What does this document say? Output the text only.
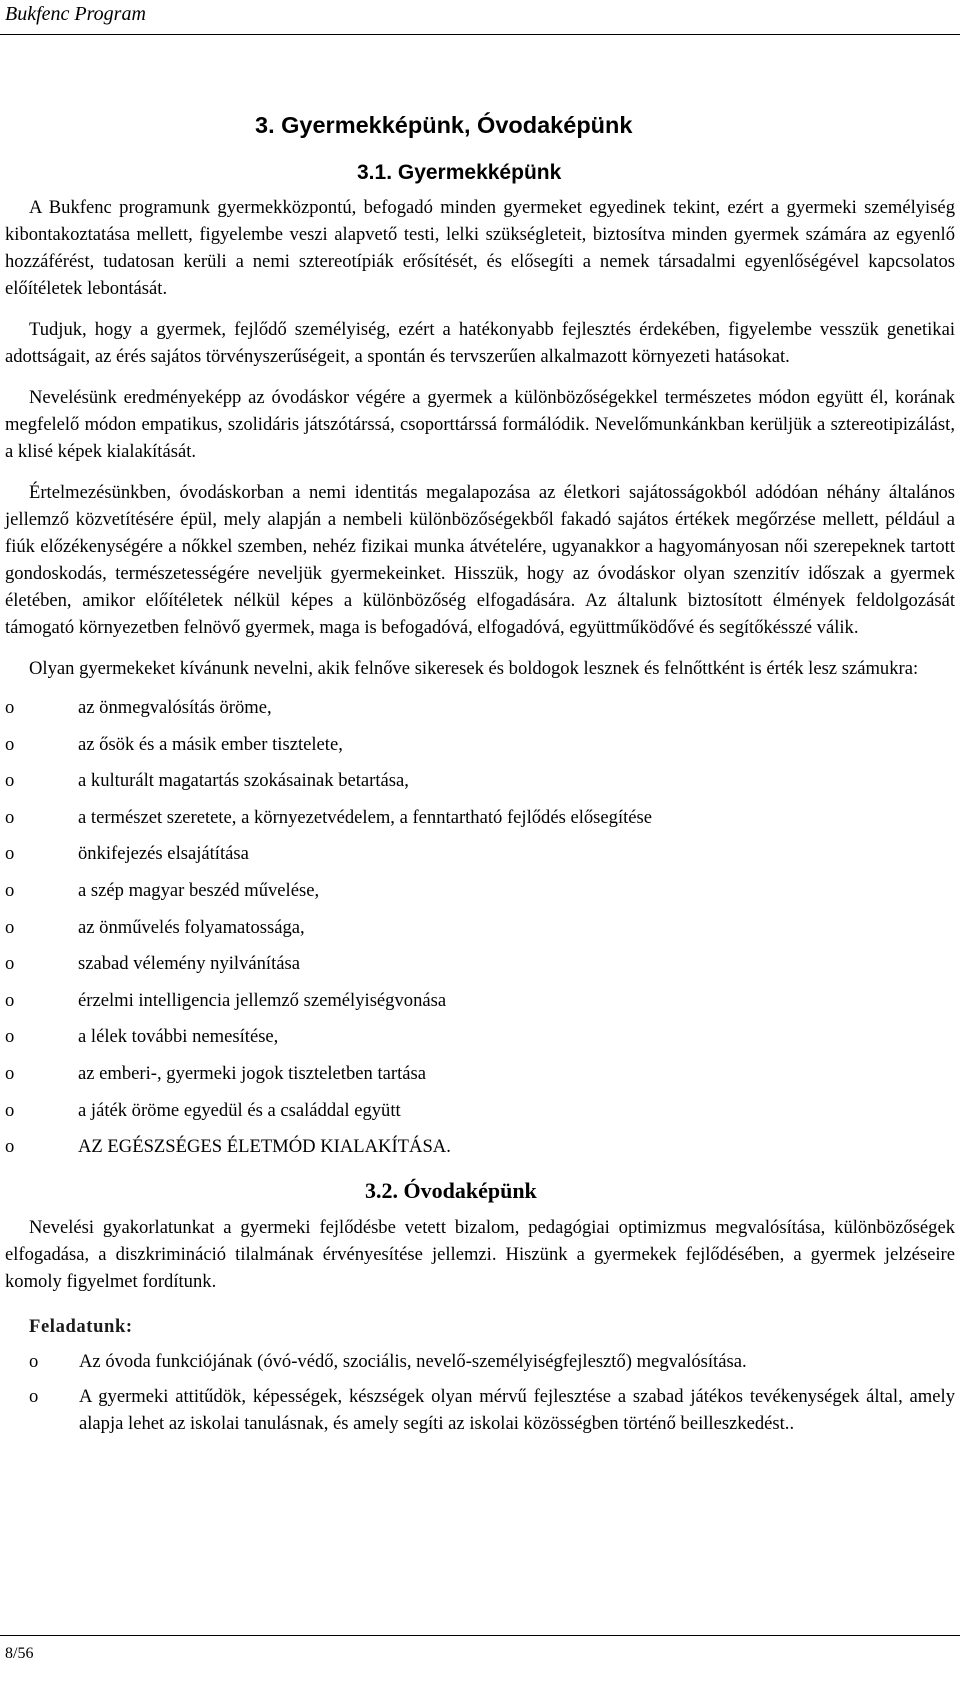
Bukfenc Program
3. Gyermekképünk, Óvodaképünk
3.1. Gyermekképünk

A Bukfenc programunk gyermekközpontú, befogadó minden gyermeket egyedinek tekint, ezért a gyermeki személyiség kibontakoztatása mellett, figyelembe veszi alapvető testi, lelki szükségleteit, biztosítva minden gyermek számára az egyenlő hozzáférést, tudatosan kerüli a nemi sztereotípiák erősítését, és elősegíti a nemek társadalmi egyenlőségével kapcsolatos előítéletek lebontását.

Tudjuk, hogy a gyermek, fejlődő személyiség, ezért a hatékonyabb fejlesztés érdekében, figyelembe vesszük genetikai adottságait, az érés sajátos törvényszerűségeit, a spontán és tervszerűen alkalmazott környezeti hatásokat.

Nevelésünk eredményeképp az óvodáskor végére a gyermek a különbözőségekkel természetes módon együtt él, korának megfelelő módon empatikus, szolidáris játszótárssá, csoporttárssá formálódik. Nevelőmunkánkban kerüljük a sztereotipizálást, a klisé képek kialakítását.

Értelmezésünkben, óvodáskorban a nemi identitás megalapozása az életkori sajátosságokból adódóan néhány általános jellemző közvetítésére épül, mely alapján a nembeli különbözőségekből fakadó sajátos értékek megőrzése mellett, például a fiúk előzékenységére a nőkkel szemben, nehéz fizikai munka átvételére, ugyanakkor a hagyományosan női szerepeknek tartott gondoskodás, természetességére neveljük gyermekeinket. Hisszük, hogy az óvodáskor olyan szenzitív időszak a gyermek életében, amikor előítéletek nélkül képes a különbözőség elfogadására. Az általunk biztosított élmények feldolgozását támogató környezetben felnövő gyermek, maga is befogadóvá, elfogadóvá, együttműködővé és segítőkésszé válik.

Olyan gyermekeket kívánunk nevelni, akik felnőve sikeresek és boldogok lesznek és felnőttként is érték lesz számukra:

o	az önmegvalósítás öröme,
o	az ősök és a másik ember tisztelete,
o	a kulturált magatartás szokásainak betartása,
o	a természet szeretete, a környezetvédelem, a fenntartható fejlődés elősegítése
o	önkifejezés elsajátítása
o	a szép magyar beszéd művelése,
o	az önművelés folyamatossága,
o	szabad vélemény nyilvánítása
o	érzelmi intelligencia jellemző személyiségvonása
o	a lélek további nemesítése,
o	az emberi-, gyermeki jogok tiszteletben tartása
o	a játék öröme egyedül és a családdal együtt
o	AZ EGÉSZSÉGES ÉLETMÓD KIALAKÍTÁSA.
3.2. Óvodaképünk

Nevelési gyakorlatunkat a gyermeki fejlődésbe vetett bizalom, pedagógiai optimizmus megvalósítása, különbözőségek elfogadása, a diszkrimináció tilalmának érvényesítése jellemzi. Hiszünk a gyermekek fejlődésében, a gyermek jelzéseire komoly figyelmet fordítunk.

Feladatunk:
o Az óvoda funkciójának (óvó-védő, szociális, nevelő-személyiségfejlesztő) megvalósítása.
o A gyermeki attitűdök, képességek, készségek olyan mérvű fejlesztése a szabad játékos tevékenységek által, amely alapja lehet az iskolai tanulásnak, és amely segíti az iskolai közösségben történő beilleszkedést..
8/56
